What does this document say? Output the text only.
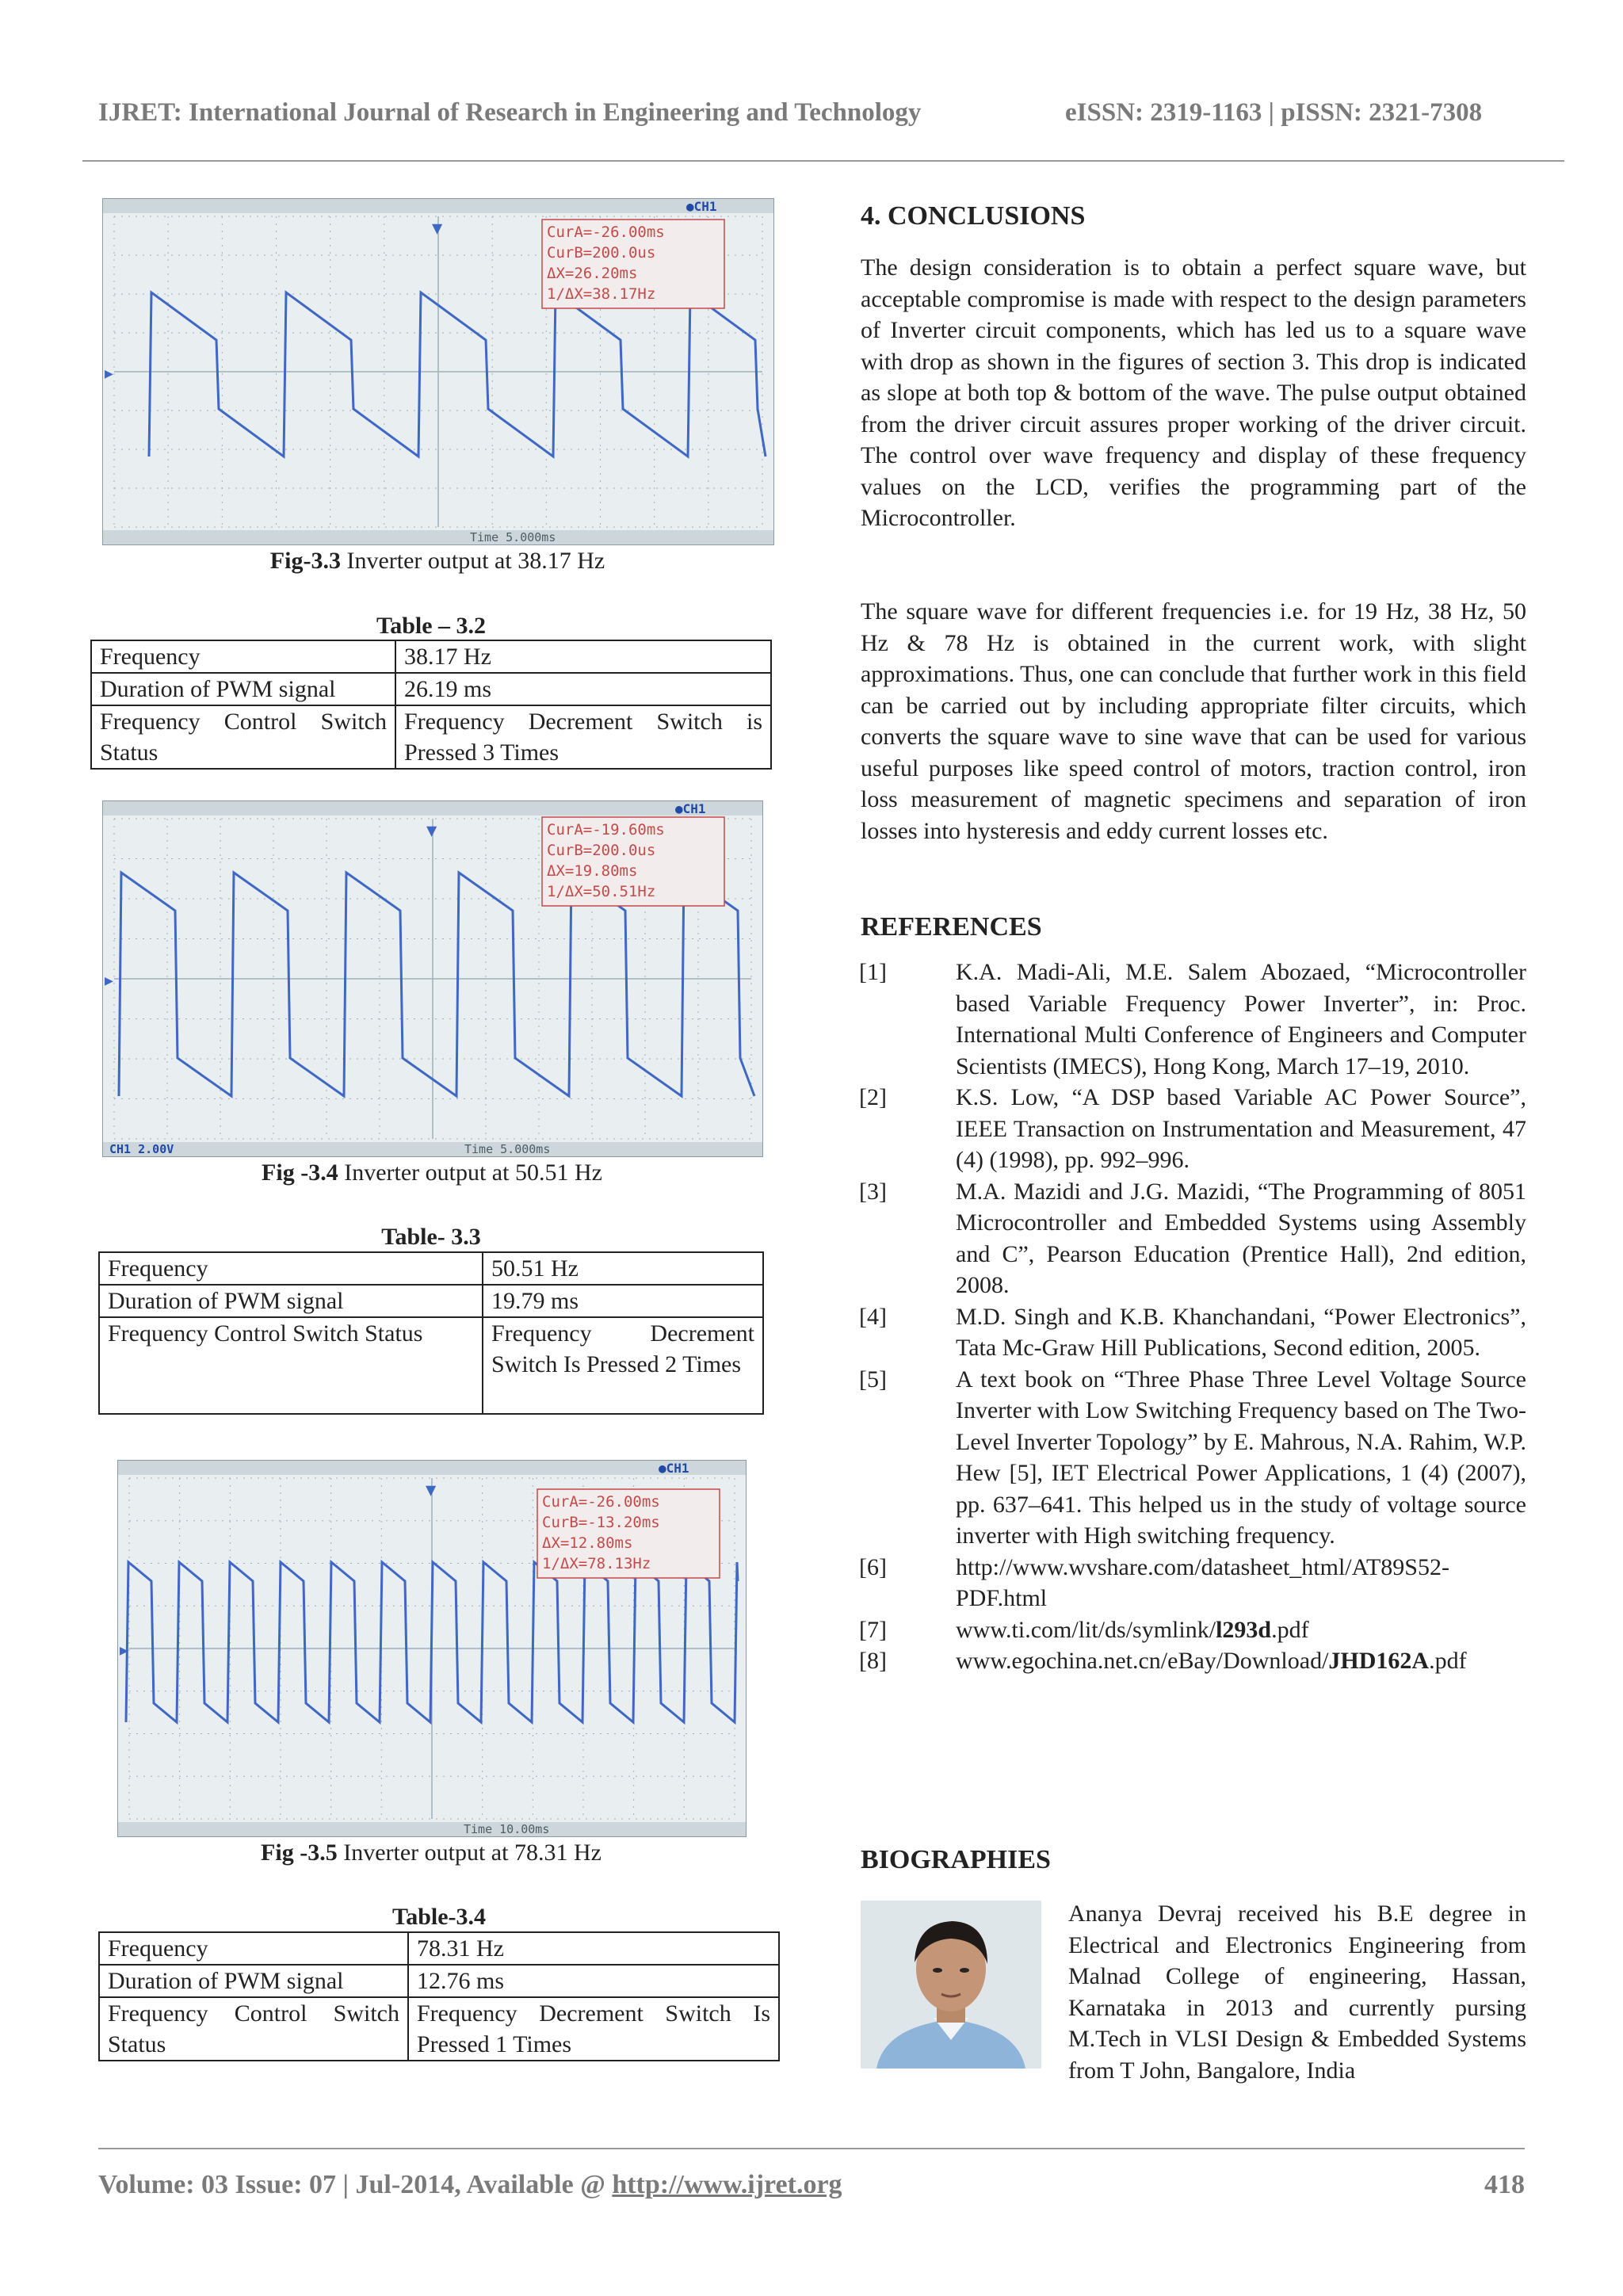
IJRET: International Journal of Research in Engineering and Technology	eISSN: 2319-1163 | pISSN: 2321-7308
▼
●CH1
CurA=-26.00ms
CurB=200.0us
ΔX=26.20ms
1/ΔX=38.17Hz
Time 5.000ms
▶
Fig-3.3 Inverter output at 38.17 Hz
Table – 3.2
Frequency	38.17 Hz
Duration of PWM signal	26.19 ms
Frequency Control Switch Status	Frequency Decrement Switch is Pressed 3 Times
▼
●CH1
CurA=-19.60ms
CurB=200.0us
ΔX=19.80ms
1/ΔX=50.51Hz
Time 5.000ms
CH1 2.00V
▶
Fig -3.4 Inverter output at 50.51 Hz
Table- 3.3
Frequency	50.51 Hz
Duration of PWM signal	19.79 ms
Frequency Control Switch Status	Frequency Decrement Switch Is Pressed 2 Times
▼
●CH1
CurA=-26.00ms
CurB=-13.20ms
ΔX=12.80ms
1/ΔX=78.13Hz
Time 10.00ms
▶
Fig -3.5 Inverter output at 78.31 Hz
Table-3.4
Frequency	78.31 Hz
Duration of PWM signal	12.76 ms
Frequency Control Switch Status	Frequency Decrement Switch Is Pressed 1 Times
4. CONCLUSIONS
The design consideration is to obtain a perfect square wave, but acceptable compromise is made with respect to the design parameters of Inverter circuit components, which has led us to a square wave with drop as shown in the figures of section 3. This drop is indicated as slope at both top & bottom of the wave. The pulse output obtained from the driver circuit assures proper working of the driver circuit. The control over wave frequency and display of these frequency values on the LCD, verifies the programming part of the Microcontroller.
The square wave for different frequencies i.e. for 19 Hz, 38 Hz, 50 Hz & 78 Hz is obtained in the current work, with slight approximations. Thus, one can conclude that further work in this field can be carried out by including appropriate filter circuits, which converts the square wave to sine wave that can be used for various useful purposes like speed control of motors, traction control, iron loss measurement of magnetic specimens and separation of iron losses into hysteresis and eddy current losses etc.
REFERENCES
[1]	K.A. Madi-Ali, M.E. Salem Abozaed, “Microcontroller based Variable Frequency Power Inverter”, in: Proc. International Multi Conference of Engineers and Computer Scientists (IMECS), Hong Kong, March 17–19, 2010.
[2]	K.S. Low, “A DSP based Variable AC Power Source”, IEEE Transaction on Instrumentation and Measurement, 47 (4) (1998), pp. 992–996.
[3]	M.A. Mazidi and J.G. Mazidi, “The Programming of 8051 Microcontroller and Embedded Systems using Assembly and C”, Pearson Education (Prentice Hall), 2nd edition, 2008.
[4]	M.D. Singh and K.B. Khanchandani, “Power Electronics”, Tata Mc-Graw Hill Publications, Second edition, 2005.
[5]	A text book on “Three Phase Three Level Voltage Source Inverter with Low Switching Frequency based on The Two-Level Inverter Topology” by E. Mahrous, N.A. Rahim, W.P. Hew [5], IET Electrical Power Applications, 1 (4) (2007), pp. 637–641. This helped us in the study of voltage source inverter with High switching frequency.
[6]	http://www.wvshare.com/datasheet_html/AT89S52-PDF.html
[7]	www.ti.com/lit/ds/symlink/l293d.pdf
[8]	www.egochina.net.cn/eBay/Download/JHD162A.pdf
BIOGRAPHIES
Ananya Devraj received his B.E degree in Electrical and Electronics Engineering from Malnad College of engineering, Hassan, Karnataka in 2013 and currently pursing M.Tech in VLSI Design & Embedded Systems from T John, Bangalore, India
Volume: 03 Issue: 07 | Jul-2014, Available @ http://www.ijret.org	418
